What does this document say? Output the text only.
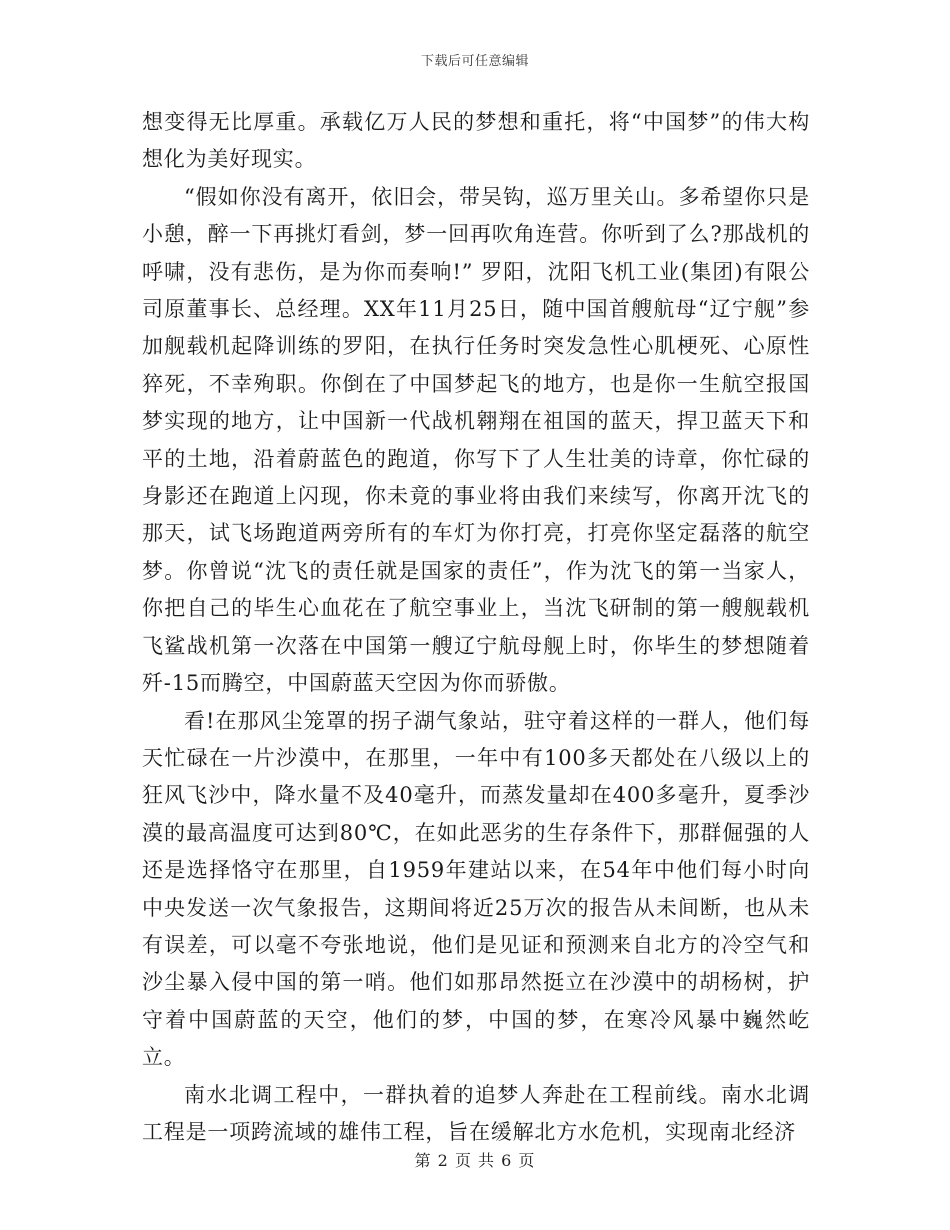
下载后可任意编辑

想变得无比厚重。承载亿万人民的梦想和重托，将“中国梦”的伟大构想化为美好现实。

“假如你没有离开，依旧会，带吴钩，巡万里关山。多希望你只是小憩，醉一下再挑灯看剑，梦一回再吹角连营。你听到了么?那战机的呼啸，没有悲伤，是为你而奏响!” 罗阳，沈阳飞机工业(集团)有限公司原董事长、总经理。XX年11月25日，随中国首艘航母“辽宁舰”参加舰载机起降训练的罗阳，在执行任务时突发急性心肌梗死、心原性猝死，不幸殉职。你倒在了中国梦起飞的地方，也是你一生航空报国梦实现的地方，让中国新一代战机翱翔在祖国的蓝天，捍卫蓝天下和平的土地，沿着蔚蓝色的跑道，你写下了人生壮美的诗章，你忙碌的身影还在跑道上闪现，你未竟的事业将由我们来续写，你离开沈飞的那天，试飞场跑道两旁所有的车灯为你打亮，打亮你坚定磊落的航空梦。你曾说“沈飞的责任就是国家的责任”，作为沈飞的第一当家人，你把自己的毕生心血花在了航空事业上，当沈飞研制的第一艘舰载机飞鲨战机第一次落在中国第一艘辽宁航母舰上时，你毕生的梦想随着歼-15而腾空，中国蔚蓝天空因为你而骄傲。

看!在那风尘笼罩的拐子湖气象站，驻守着这样的一群人，他们每天忙碌在一片沙漠中，在那里，一年中有100多天都处在八级以上的狂风飞沙中，降水量不及40毫升，而蒸发量却在400多毫升，夏季沙漠的最高温度可达到80℃，在如此恶劣的生存条件下，那群倔强的人还是选择恪守在那里，自1959年建站以来，在54年中他们每小时向中央发送一次气象报告，这期间将近25万次的报告从未间断，也从未有误差，可以毫不夸张地说，他们是见证和预测来自北方的冷空气和沙尘暴入侵中国的第一哨。他们如那昂然挺立在沙漠中的胡杨树，护守着中国蔚蓝的天空，他们的梦，中国的梦，在寒冷风暴中巍然屹立。

南水北调工程中，一群执着的追梦人奔赴在工程前线。南水北调工程是一项跨流域的雄伟工程，旨在缓解北方水危机，实现南北经济

第 2 页 共 6 页
